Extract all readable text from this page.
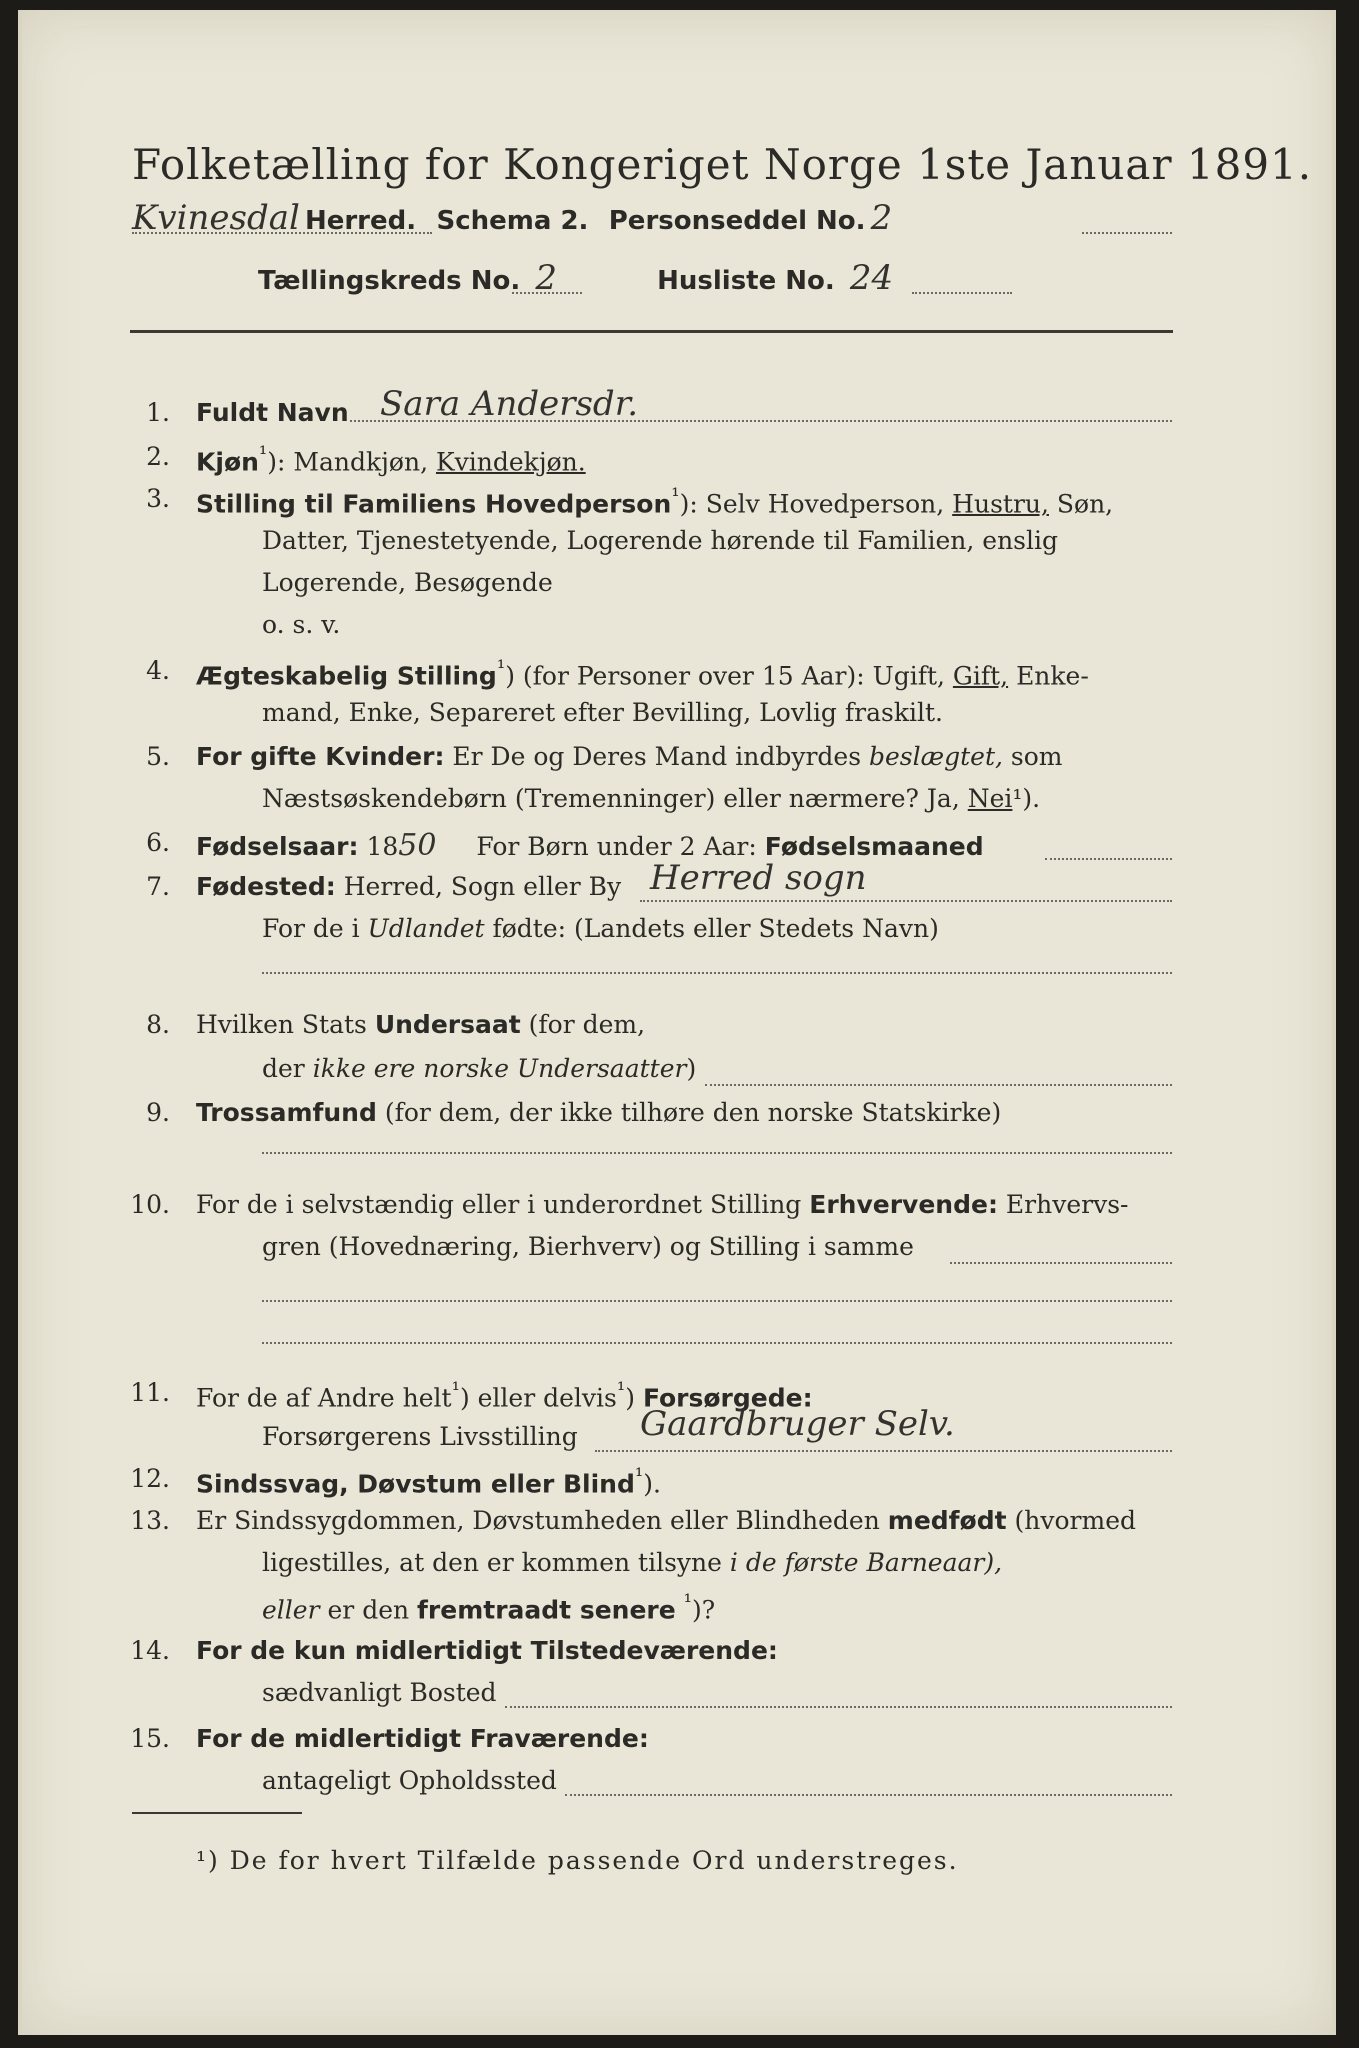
Folketælling for Kongeriget Norge 1ste Januar 1891.
Kvinesdal Herred. Schema 2. Personseddel No. 2
Tællingskreds No. 2	Husliste No. 24
1. Fuldt Navn Sara Andersdr.
2. Kjøn$^{^1}$): Mandkjøn, Kvindekjøn.
3. Stilling til Familiens Hovedperson$^{^1}$): Selv Hovedperson, Hustru, Søn,
Datter, Tjenestetyende, Logerende hørende til Familien, enslig
Logerende, Besøgende
o. s. v.
4. Ægteskabelig Stilling$^{^1}$) (for Personer over 15 Aar): Ugift, Gift, Enke-
mand, Enke, Separeret efter Bevilling, Lovlig fraskilt.
5. For gifte Kvinder: Er De og Deres Mand indbyrdes beslægtet, som
Næstsøskendebørn (Tremenninger) eller nærmere? Ja, Nei¹).
6. Fødselsaar: 1850 For Børn under 2 Aar: Fødselsmaaned
7. Fødested: Herred, Sogn eller By Herred sogn
For de i Udlandet fødte: (Landets eller Stedets Navn)
8. Hvilken Stats Undersaat (for dem,
der ikke ere norske Undersaatter)
9. Trossamfund (for dem, der ikke tilhøre den norske Statskirke)
10. For de i selvstændig eller i underordnet Stilling Erhvervende: Erhvervs-
gren (Hovednæring, Bierhverv) og Stilling i samme
11. For de af Andre helt$^{^1}$) eller delvis$^{^1}$) Forsørgede:
Forsørgerens Livsstilling Gaardbruger Selv.
12. Sindssvag, Døvstum eller Blind$^{^1}$).
13. Er Sindssygdommen, Døvstumheden eller Blindheden medfødt (hvormed
ligestilles, at den er kommen tilsyne i de første Barneaar),
eller er den fremtraadt senere $^{^1}$)?
14. For de kun midlertidigt Tilstedeværende:
sædvanligt Bosted
15. For de midlertidigt Fraværende:
antageligt Opholdssted
¹) De for hvert Tilfælde passende Ord understreges.
